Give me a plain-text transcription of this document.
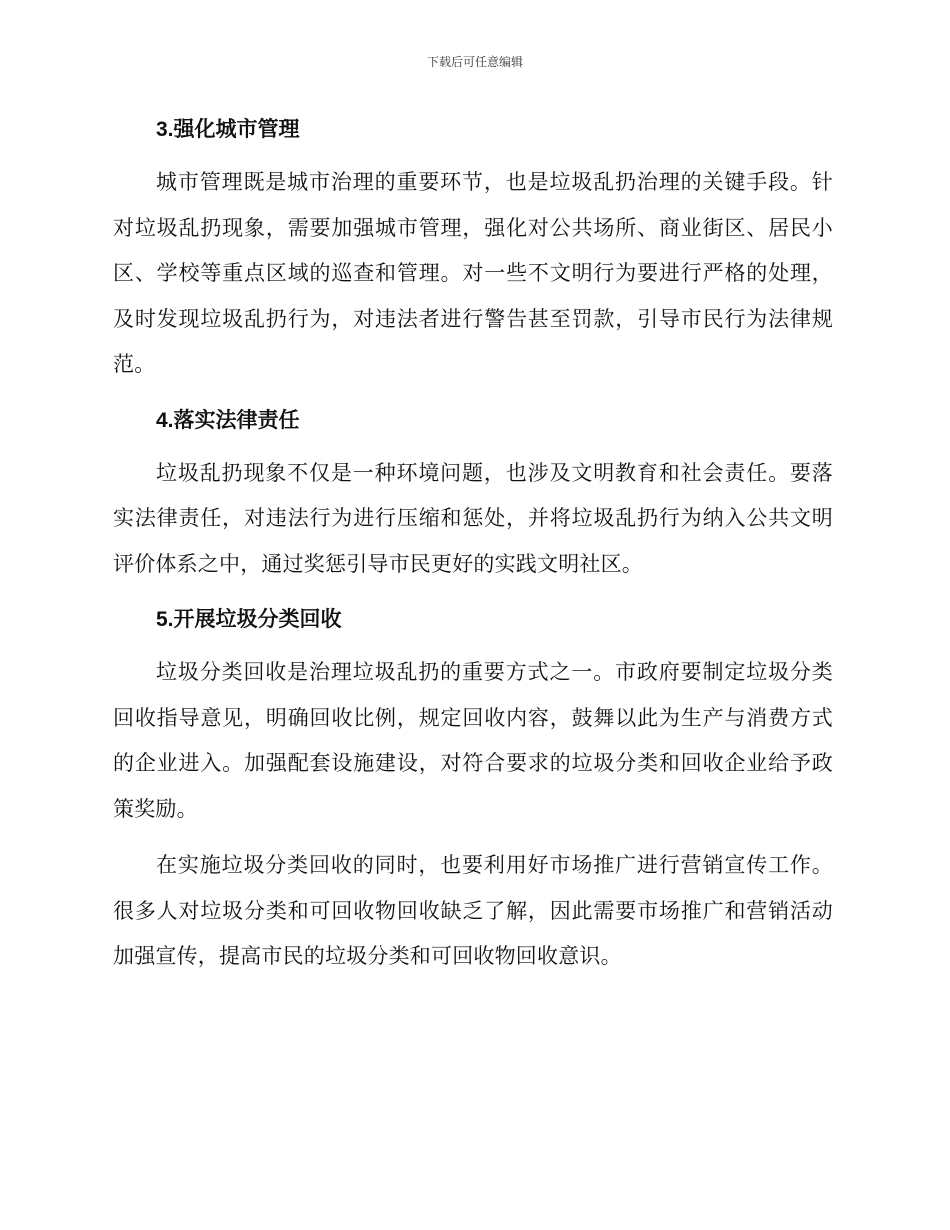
下载后可任意编辑
3.强化城市管理

城市管理既是城市治理的重要环节，也是垃圾乱扔治理的关键手段。针对垃圾乱扔现象，需要加强城市管理，强化对公共场所、商业街区、居民小区、学校等重点区域的巡查和管理。对一些不文明行为要进行严格的处理，及时发现垃圾乱扔行为，对违法者进行警告甚至罚款，引导市民行为法律规范。

4.落实法律责任

垃圾乱扔现象不仅是一种环境问题，也涉及文明教育和社会责任。要落实法律责任，对违法行为进行压缩和惩处，并将垃圾乱扔行为纳入公共文明评价体系之中，通过奖惩引导市民更好的实践文明社区。

5.开展垃圾分类回收

垃圾分类回收是治理垃圾乱扔的重要方式之一。市政府要制定垃圾分类回收指导意见，明确回收比例，规定回收内容，鼓舞以此为生产与消费方式的企业进入。加强配套设施建设，对符合要求的垃圾分类和回收企业给予政策奖励。

在实施垃圾分类回收的同时，也要利用好市场推广进行营销宣传工作。很多人对垃圾分类和可回收物回收缺乏了解，因此需要市场推广和营销活动加强宣传，提高市民的垃圾分类和可回收物回收意识。
